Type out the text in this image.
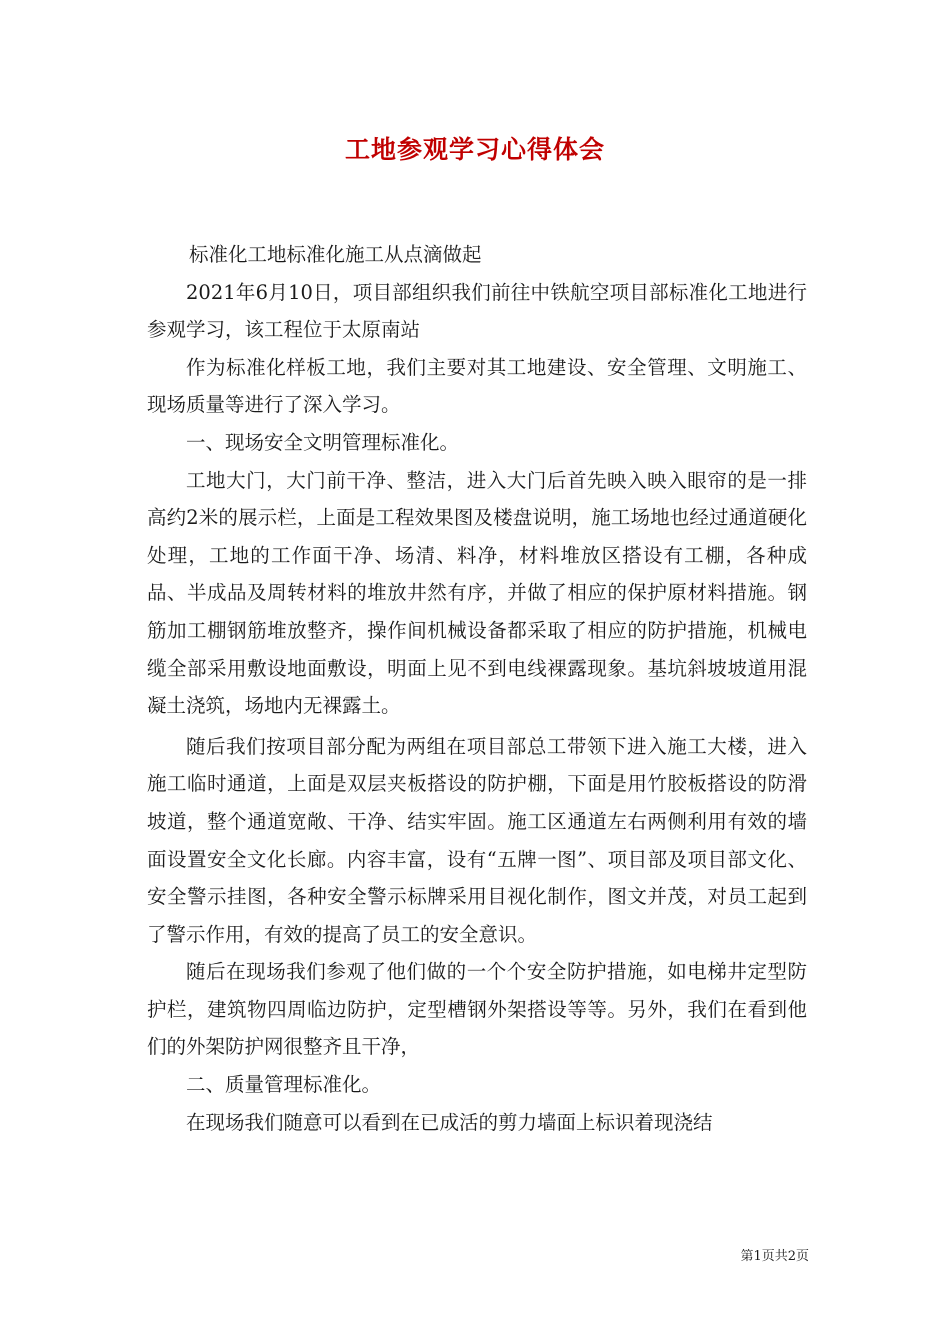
工地参观学习心得体会

标准化工地标准化施工从点滴做起

2021年6月10日，项目部组织我们前往中铁航空项目部标准化工地进行参观学习，该工程位于太原南站

作为标准化样板工地，我们主要对其工地建设、安全管理、文明施工、现场质量等进行了深入学习。

一、现场安全文明管理标准化。

工地大门，大门前干净、整洁，进入大门后首先映入映入眼帘的是一排高约2米的展示栏，上面是工程效果图及楼盘说明，施工场地也经过通道硬化处理，工地的工作面干净、场清、料净，材料堆放区搭设有工棚，各种成品、半成品及周转材料的堆放井然有序，并做了相应的保护原材料措施。钢筋加工棚钢筋堆放整齐，操作间机械设备都采取了相应的防护措施，机械电缆全部采用敷设地面敷设，明面上见不到电线裸露现象。基坑斜坡坡道用混凝土浇筑，场地内无裸露土。

随后我们按项目部分配为两组在项目部总工带领下进入施工大楼，进入施工临时通道，上面是双层夹板搭设的防护棚，下面是用竹胶板搭设的防滑坡道，整个通道宽敞、干净、结实牢固。施工区通道左右两侧利用有效的墙面设置安全文化长廊。内容丰富，设有“五牌一图”、项目部及项目部文化、安全警示挂图，各种安全警示标牌采用目视化制作，图文并茂，对员工起到了警示作用，有效的提高了员工的安全意识。

随后在现场我们参观了他们做的一个个安全防护措施，如电梯井定型防护栏，建筑物四周临边防护，定型槽钢外架搭设等等。另外，我们在看到他们的外架防护网很整齐且干净，

二、质量管理标准化。

在现场我们随意可以看到在已成活的剪力墙面上标识着现浇结

第1页共2页
